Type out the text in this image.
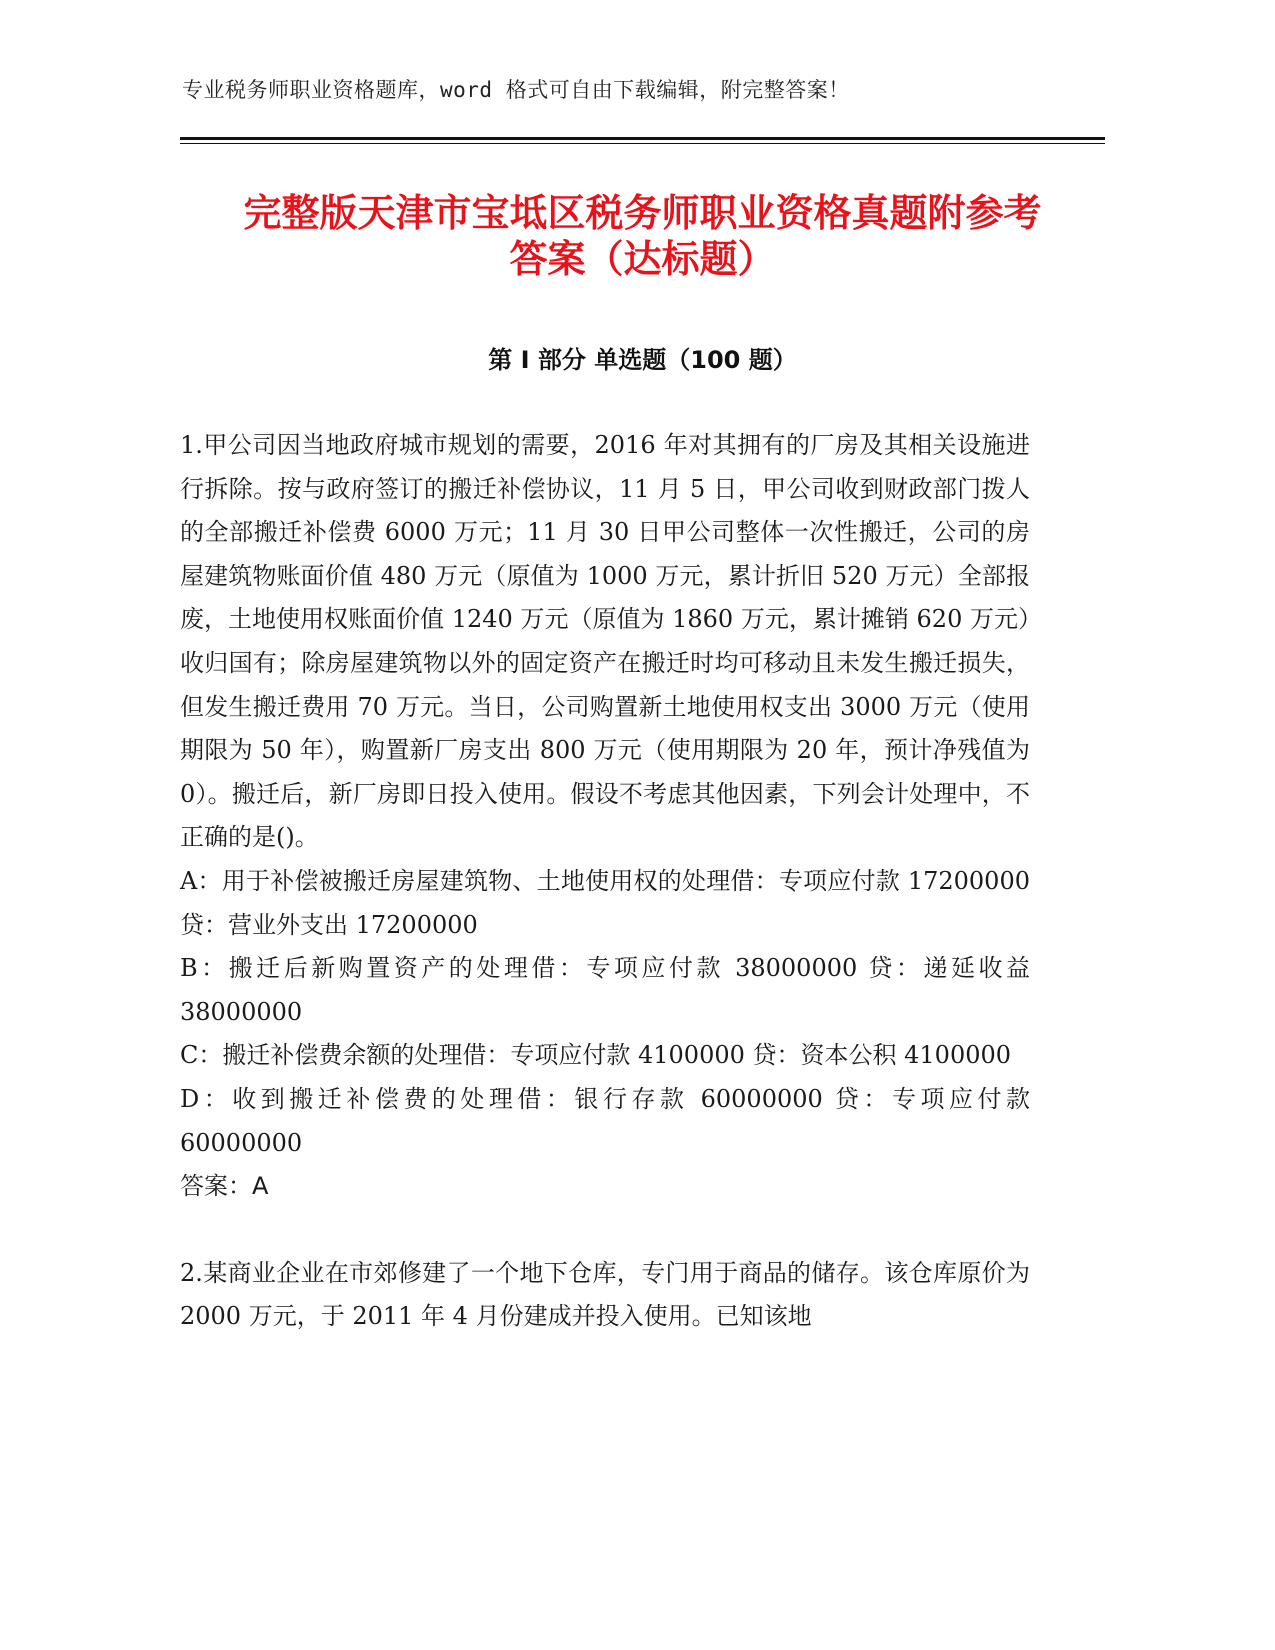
专业税务师职业资格题库，word 格式可自由下载编辑，附完整答案！
完整版天津市宝坻区税务师职业资格真题附参考答案（达标题）
第 I 部分 单选题（100 题）

1.甲公司因当地政府城市规划的需要，2016 年对其拥有的厂房及其相关设施进行拆除。按与政府签订的搬迁补偿协议，11 月 5 日，甲公司收到财政部门拨人的全部搬迁补偿费 6000 万元；11 月 30 日甲公司整体一次性搬迁，公司的房屋建筑物账面价值 480 万元（原值为 1000 万元，累计折旧 520 万元）全部报废，土地使用权账面价值 1240 万元（原值为 1860 万元，累计摊销 620 万元）收归国有；除房屋建筑物以外的固定资产在搬迁时均可移动且未发生搬迁损失，但发生搬迁费用 70 万元。当日，公司购置新土地使用权支出 3000 万元（使用期限为 50 年），购置新厂房支出 800 万元（使用期限为 20 年，预计净残值为 0）。搬迁后，新厂房即日投入使用。假设不考虑其他因素，下列会计处理中，不正确的是()。

A：用于补偿被搬迁房屋建筑物、土地使用权的处理借：专项应付款 17200000 贷：营业外支出 17200000

B：搬迁后新购置资产的处理借：专项应付款 38000000 贷：递延收益 38000000

C：搬迁补偿费余额的处理借：专项应付款 4100000 贷：资本公积 4100000

D：收到搬迁补偿费的处理借：银行存款 60000000 贷：专项应付款 60000000

答案：A

2.某商业企业在市郊修建了一个地下仓库，专门用于商品的储存。该仓库原价为 2000 万元，于 2011 年 4 月份建成并投入使用。已知该地
